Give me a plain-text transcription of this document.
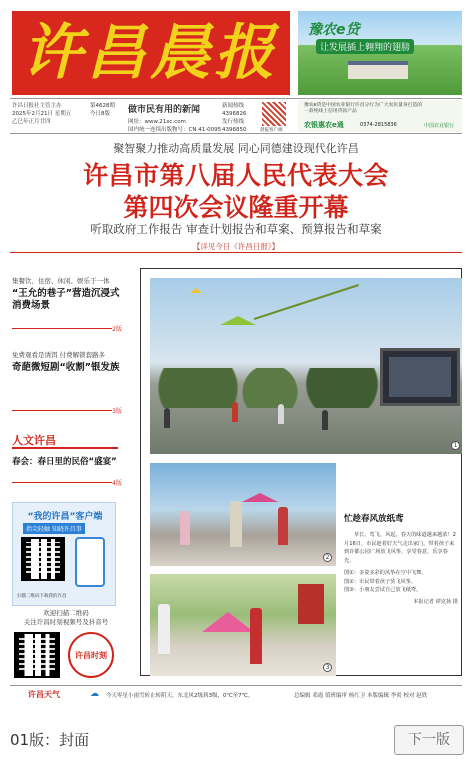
许昌晨报 豫农e贷
让发展插上翱翔的翅膀
许昌日报社主管主办
2025年2月21日 星期五
乙巳年正月廿四
第4628期
今日8版	做市民有用的新闻
网址：www.21xc.com
国内统一连续出版物号：CN 41-0095
新闻热线
4396826
发行热线
4396850	晨报客户端
豫农e贷是中国农业银行许昌分行为广大农民量身打造的一款纯线上信用贷款产品
农银惠农e通	0374-2815836	中国农业银行
聚智聚力推动高质量发展 同心同德建设现代化许昌
许昌市第八届人民代表大会
第四次会议隆重开幕
听取政府工作报告 审查计划报告和草案、预算报告和草案
【详见今日《许昌日报》】
集餐饮、住宿、休闲、娱乐于一体
“王允的巷子”营造沉浸式消费场景
2版
免费观看是诱饵 付费解锁套路多
奇葩微短剧“收割”银发族
3版
人文许昌
春会：春日里的民俗“盛宴”
4版
“我的许昌”客户端
指尖轻触 知晓许昌事
扫描二维码下载我的许昌
欢迎扫描二维码
关注许昌时刻视频号及抖音号
许昌时刻
1
2
3
忙趁春风放纸鸢
草长、莺飞、风起，春天的味道越来越浓！2月16日，市民趁着好天气走出家门，带着孩子来到许都公园广场放飞风筝，享受春意，乐享春光。
图①：多姿多彩的风筝在空中飞舞。
图②：市民带着孩子放飞风筝。
图③：小朋友尝试自己放飞纸鸢。
本报记者 谭克扬 摄
许昌天气	☁ 今天零星小雨雪转止转阴天，东北风2级到3级，0℃至7℃。	总编辑 邓霞 值班编审 杨红卫 本版编辑 李炎 校对 赵欣
01版：封面	下一版
